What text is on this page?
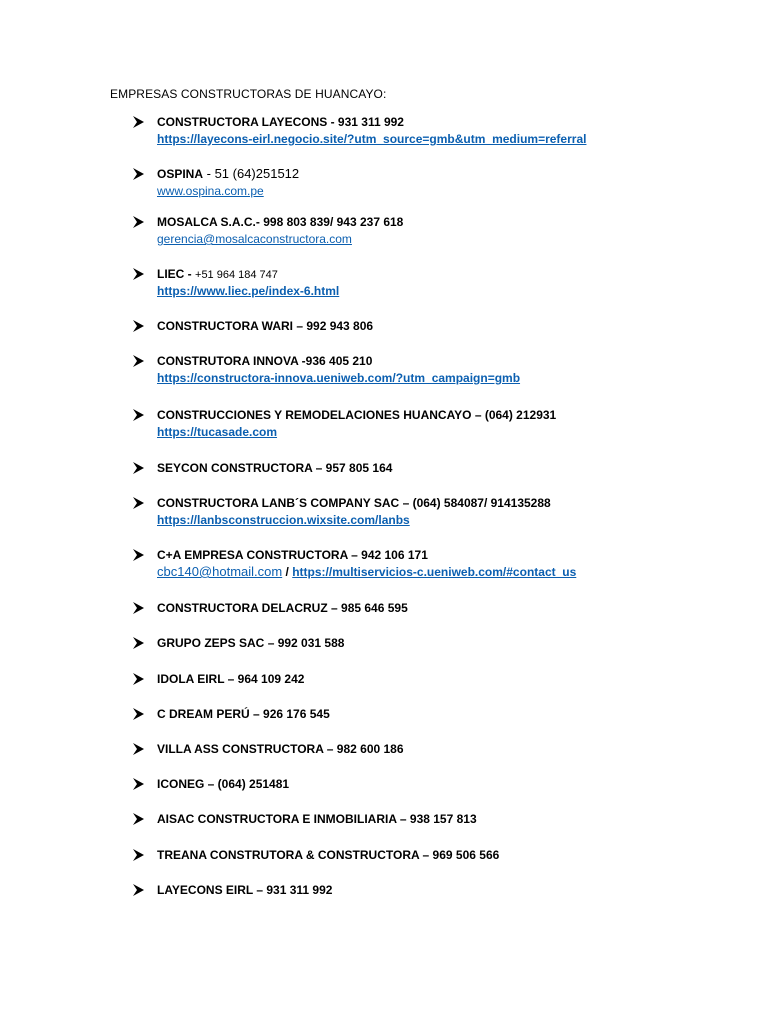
EMPRESAS CONSTRUCTORAS DE HUANCAYO:
CONSTRUCTORA LAYECONS - 931 311 992
https://layecons-eirl.negocio.site/?utm_source=gmb&utm_medium=referral
OSPINA - 51 (64)251512
www.ospina.com.pe
MOSALCA S.A.C.- 998 803 839/ 943 237 618
gerencia@mosalcaconstructora.com
LIEC - +51 964 184 747
https://www.liec.pe/index-6.html
CONSTRUCTORA WARI – 992 943 806
CONSTRUTORA INNOVA -936 405 210
https://constructora-innova.ueniweb.com/?utm_campaign=gmb
CONSTRUCCIONES Y REMODELACIONES HUANCAYO – (064) 212931
https://tucasade.com
SEYCON CONSTRUCTORA – 957 805 164
CONSTRUCTORA LANB´S COMPANY SAC – (064) 584087/ 914135288
https://lanbsconstruccion.wixsite.com/lanbs
C+A EMPRESA CONSTRUCTORA – 942 106 171
cbc140@hotmail.com / https://multiservicios-c.ueniweb.com/#contact_us
CONSTRUCTORA DELACRUZ – 985 646 595
GRUPO ZEPS SAC – 992 031 588
IDOLA EIRL – 964 109 242
C DREAM PERÚ – 926 176 545
VILLA ASS CONSTRUCTORA – 982 600 186
ICONEG – (064) 251481
AISAC CONSTRUCTORA E INMOBILIARIA – 938 157 813
TREANA CONSTRUTORA & CONSTRUCTORA – 969 506 566
LAYECONS EIRL – 931 311 992
